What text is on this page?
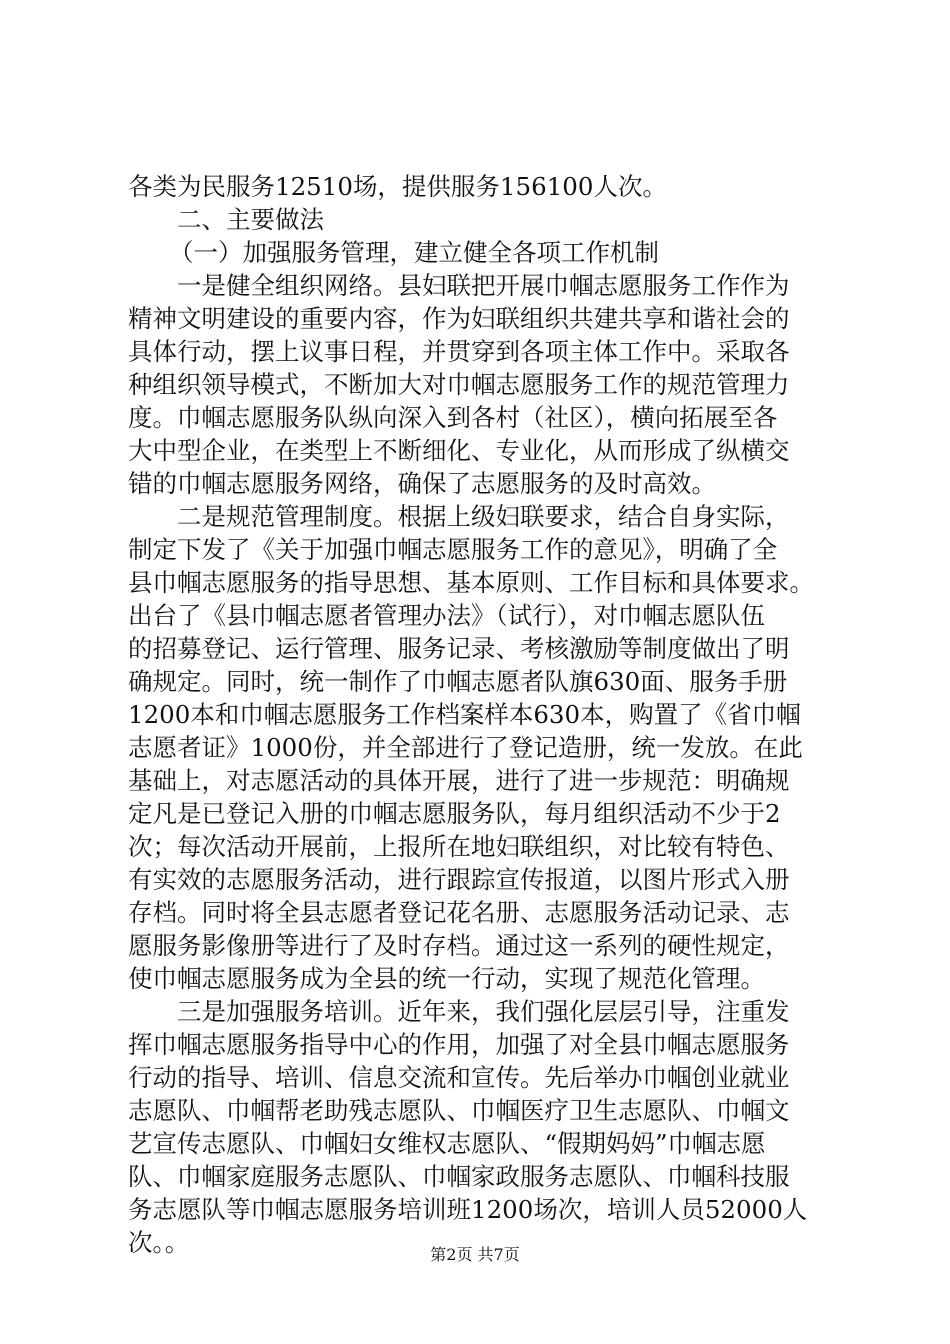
各类为民服务12510场，提供服务156100人次。
二、主要做法
（一）加强服务管理，建立健全各项工作机制
一是健全组织网络。县妇联把开展巾帼志愿服务工作作为
精神文明建设的重要内容，作为妇联组织共建共享和谐社会的
具体行动，摆上议事日程，并贯穿到各项主体工作中。采取各
种组织领导模式，不断加大对巾帼志愿服务工作的规范管理力
度。巾帼志愿服务队纵向深入到各村（社区），横向拓展至各
大中型企业，在类型上不断细化、专业化，从而形成了纵横交
错的巾帼志愿服务网络，确保了志愿服务的及时高效。
二是规范管理制度。根据上级妇联要求，结合自身实际，
制定下发了《关于加强巾帼志愿服务工作的意见》，明确了全
县巾帼志愿服务的指导思想、基本原则、工作目标和具体要求。
出台了《县巾帼志愿者管理办法》（试行），对巾帼志愿队伍
的招募登记、运行管理、服务记录、考核激励等制度做出了明
确规定。同时，统一制作了巾帼志愿者队旗630面、服务手册
1200本和巾帼志愿服务工作档案样本630本，购置了《省巾帼
志愿者证》1000份，并全部进行了登记造册，统一发放。在此
基础上，对志愿活动的具体开展，进行了进一步规范：明确规
定凡是已登记入册的巾帼志愿服务队，每月组织活动不少于2
次；每次活动开展前，上报所在地妇联组织，对比较有特色、
有实效的志愿服务活动，进行跟踪宣传报道，以图片形式入册
存档。同时将全县志愿者登记花名册、志愿服务活动记录、志
愿服务影像册等进行了及时存档。通过这一系列的硬性规定，
使巾帼志愿服务成为全县的统一行动，实现了规范化管理。
三是加强服务培训。近年来，我们强化层层引导，注重发
挥巾帼志愿服务指导中心的作用，加强了对全县巾帼志愿服务
行动的指导、培训、信息交流和宣传。先后举办巾帼创业就业
志愿队、巾帼帮老助残志愿队、巾帼医疗卫生志愿队、巾帼文
艺宣传志愿队、巾帼妇女维权志愿队、“假期妈妈”巾帼志愿
队、巾帼家庭服务志愿队、巾帼家政服务志愿队、巾帼科技服
务志愿队等巾帼志愿服务培训班1200场次，培训人员52000人
次。。	第2页 共7页
